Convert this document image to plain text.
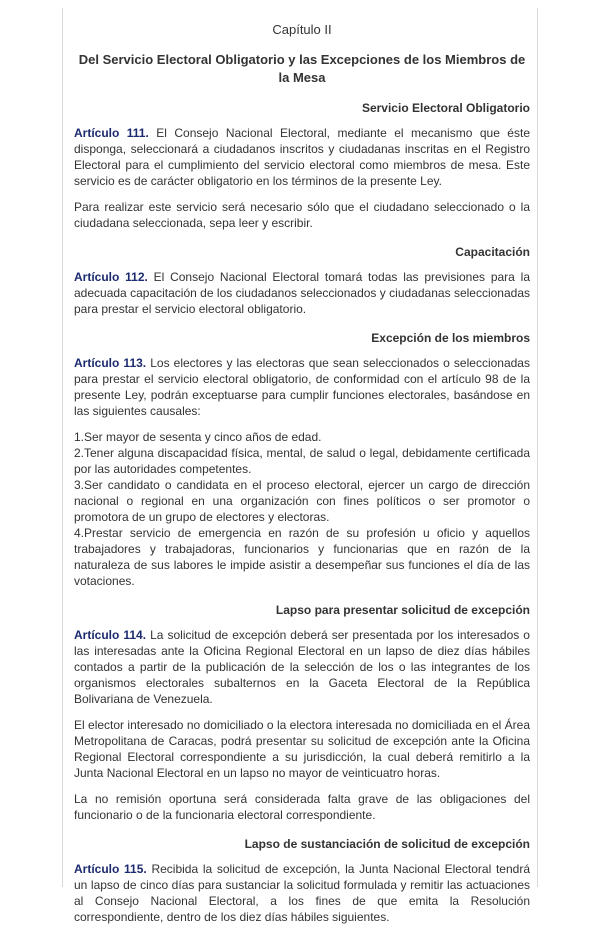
Capítulo II
Del Servicio Electoral Obligatorio y las Excepciones de los Miembros de la Mesa
Servicio Electoral Obligatorio

Artículo 111. El Consejo Nacional Electoral, mediante el mecanismo que éste disponga, seleccionará a ciudadanos inscritos y ciudadanas inscritas en el Registro Electoral para el cumplimiento del servicio electoral como miembros de mesa. Este servicio es de carácter obligatorio en los términos de la presente Ley.

Para realizar este servicio será necesario sólo que el ciudadano seleccionado o la ciudadana seleccionada, sepa leer y escribir.

Capacitación

Artículo 112. El Consejo Nacional Electoral tomará todas las previsiones para la adecuada capacitación de los ciudadanos seleccionados y ciudadanas seleccionadas para prestar el servicio electoral obligatorio.

Excepción de los miembros

Artículo 113. Los electores y las electoras que sean seleccionados o seleccionadas para prestar el servicio electoral obligatorio, de conformidad con el artículo 98 de la presente Ley, podrán exceptuarse para cumplir funciones electorales, basándose en las siguientes causales:

1.Ser mayor de sesenta y cinco años de edad.
2.Tener alguna discapacidad física, mental, de salud o legal, debidamente certificada por las autoridades competentes.
3.Ser candidato o candidata en el proceso electoral, ejercer un cargo de dirección nacional o regional en una organización con fines políticos o ser promotor o promotora de un grupo de electores y electoras.
4.Prestar servicio de emergencia en razón de su profesión u oficio y aquellos trabajadores y trabajadoras, funcionarios y funcionarias que en razón de la naturaleza de sus labores le impide asistir a desempeñar sus funciones el día de las votaciones.
Lapso para presentar solicitud de excepción

Artículo 114. La solicitud de excepción deberá ser presentada por los interesados o las interesadas ante la Oficina Regional Electoral en un lapso de diez días hábiles contados a partir de la publicación de la selección de los o las integrantes de los organismos electorales subalternos en la Gaceta Electoral de la República Bolivariana de Venezuela.

El elector interesado no domiciliado o la electora interesada no domiciliada en el Área Metropolitana de Caracas, podrá presentar su solicitud de excepción ante la Oficina Regional Electoral correspondiente a su jurisdicción, la cual deberá remitirlo a la Junta Nacional Electoral en un lapso no mayor de veinticuatro horas.

La no remisión oportuna será considerada falta grave de las obligaciones del funcionario o de la funcionaria electoral correspondiente.

Lapso de sustanciación de solicitud de excepción

Artículo 115. Recibida la solicitud de excepción, la Junta Nacional Electoral tendrá un lapso de cinco días para sustanciar la solicitud formulada y remitir las actuaciones al Consejo Nacional Electoral, a los fines de que emita la Resolución correspondiente, dentro de los diez días hábiles siguientes.
